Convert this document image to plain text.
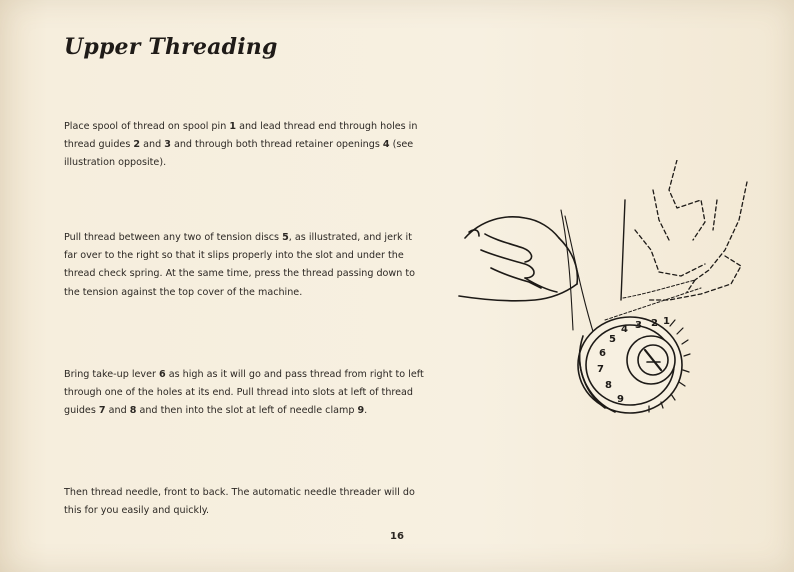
Upper Threading
Place spool of thread on spool pin 1 and lead thread end through holes in thread guides 2 and 3 and through both thread retainer openings 4 (see illustration opposite).
Pull thread between any two of tension discs 5, as illustrated, and jerk it far over to the right so that it slips properly into the slot and under the thread check spring. At the same time, press the thread passing down to the tension against the top cover of the machine.
Bring take-up lever 6 as high as it will go and pass thread from right to left through one of the holes at its end. Pull thread into slots at left of thread guides 7 and 8 and then into the slot at left of needle clamp 9.
Then thread needle, front to back. The automatic needle threader will do this for you easily and quickly.
1
2
3
4
5
6
7
8
9
16
